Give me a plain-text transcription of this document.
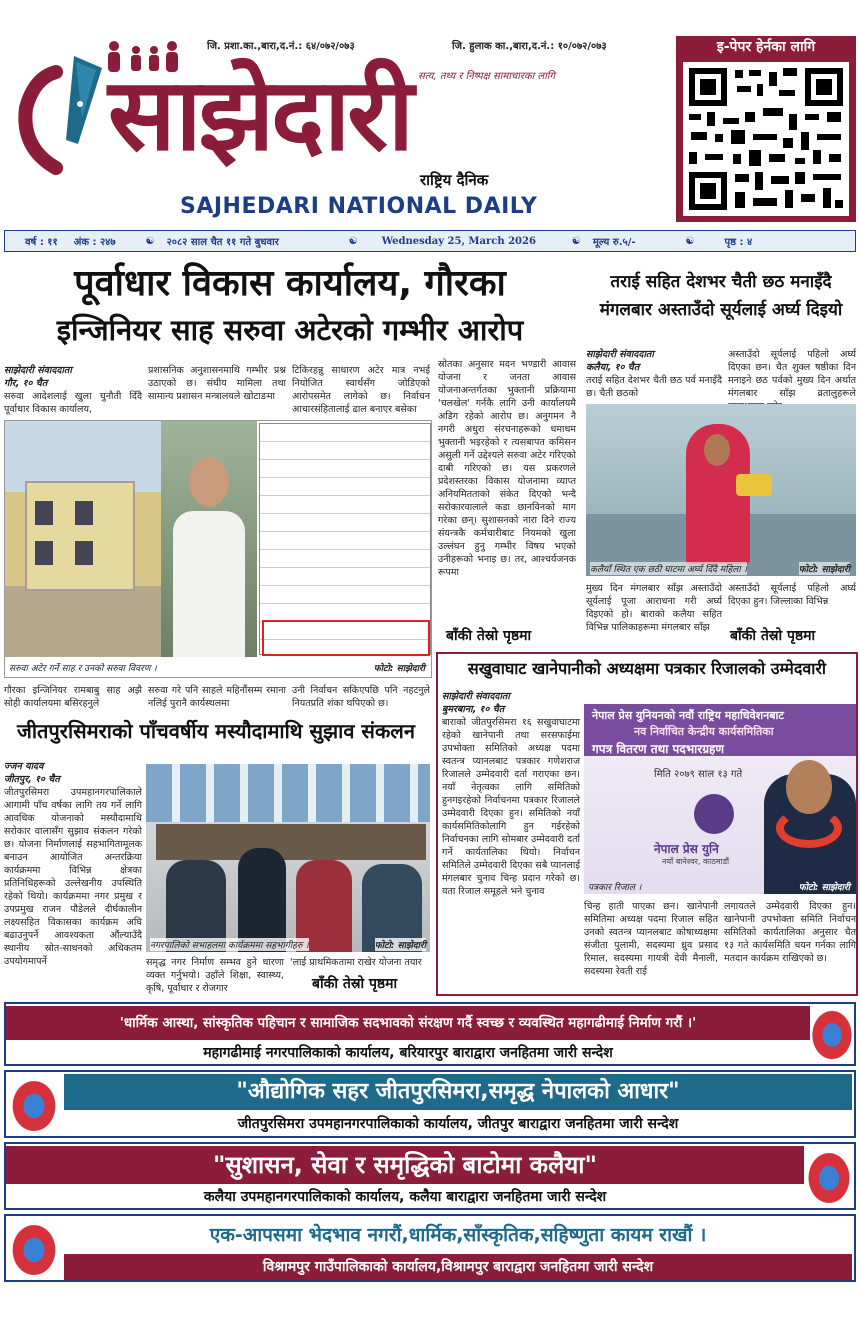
जि. प्रशा.का.,बारा,द.नं.: ६४/०७२/०७३	जि. हुलाक का.,बारा,द.नं.: १०/०७२/०७३
सत्य, तथ्य र निष्पक्ष सामाचारका लागि
साझेदारी
राष्ट्रिय दैनिक
SAJHEDARI NATIONAL DAILY
इ-पेपर हेर्नका लागि
वर्ष : ११ अंक : २४७	☯ २०८२ साल चैत ११ गते बुधवार	☯ Wednesday 25, March 2026	☯ मूल्य रु.५/-	☯	पृष्ठ : ४
पूर्वाधार विकास कार्यालय, गौरका
इन्जिनियर साह सरुवा अटेरको गम्भीर आरोप
साझेदारी संवाददाता
गौर, १० चैत
सरुवा आदेशलाई खुला चुनौती दिँदै पूर्वाधार विकास कार्यालय,
प्रशासनिक अनुशासनमाथि गम्भीर प्रश्न उठाएको छ। संघीय मामिला तथा सामान्य प्रशासन मन्त्रालयले खोटाङमा
टिकिरहन्नु साधारण अटेर मात्र नभई नियोजित स्वार्थसँग जोडिएको आरोपसमेत लागेको छ। निर्वाचन आचारसंहितालाई ढाल बनाएर बसेका
स्रोतका अनुसार मदन भण्डारी आवास योजना र जनता आवास योजनाअन्तर्गतका भुक्तानी प्रक्रियामा 'चलखेल' गर्नकै लागि उनी कार्यालयमै अडिग रहेको आरोप छ। अनुगमन नै नगरी अधुरा संरचनाहरूको धमाधम भुक्तानी भइरहेको र त्यसबापत कमिसन असुली गर्ने उद्देश्यले सरुवा अटेर गरिएको दाबी गरिएको छ। यस प्रकरणले प्रदेशस्तरका विकास योजनामा व्याप्त अनियमितताको संकेत दिएको भन्दै सरोकारवालाले कडा छानविनको माग गरेका छन्। सुशासनको नारा दिने राज्य संयन्त्रकै कर्मचारीबाट नियमको खुला उल्लंघन हुनु गम्भीर विषय भएको उनीहरूको भनाइ छ। तर, आश्चर्यजनक रूपमा
सरुवा अटेर गर्ने साह र उनको सरुवा विवरण ।	फोटो: साझेदारी
गौरका इन्जिनियर रामबाबु साह अझै सोही कार्यालयमा बसिरहनुले
सरुवा गरे पनि साहले महिनौंसम्म रमाना नलिई पुरानै कार्यस्थलमा
उनी निर्वाचन सकिएपछि पनि नहटनुले नियतप्रति शंका थपिएको छ।
बाँकी तेस्रो पृष्ठमा
तराई सहित देशभर चैती छठ मनाइँदै
मंगलबार अस्ताउँदो सूर्यलाई अर्घ्य दिइयो
साझेदारी संवाददाता
कलैया, १० चैत
तराई सहित देशभर चैती छठ पर्व मनाइँदै छ। चैती छठको
अस्ताउँदो सूर्यलाई पहिलो अर्घ्य दिएका छन। चैत शुक्ल षष्ठीका दिन मनाइने छठ पर्वको मुख्य दिन अर्थात मंगलबार साँझ व्रतालुहरूले
कलैयाँ स्थित एक छठी घाटमा अर्घ्य दिँदै महिला ।	फोटो: साझेदारी
मुख्य दिन मंगलबार साँझ अस्ताउँदो सूर्यलाई पूजा आराधना गरी अर्घ्य दिइएको हो। बाराको कलैया सहित विभिन्न पालिकाहरूमा मंगलबार साँझ
अस्ताउँदो सूर्यलाई पहिलो अर्घ्य दिएका हुन। जिल्लाका विभिन्न
बाँकी तेस्रो पृष्ठमा
सखुवाघाट खानेपानीको अध्यक्षमा पत्रकार रिजालको उम्मेदवारी
साझेदारी संवाददाता
बुमरबाना, १० चैत
बाराको जीतपुरसिमरा १६ सखुवाघाटमा रहेको खानेपानी तथा सरसफाईमा उपभोक्ता समितिको अध्यक्ष पदमा स्वतन्त्र प्यानलबाट पत्रकार गणेशराज रिजालले उम्मेदवारी दर्ता गराएका छन। नयाँ नेतृत्वका लागि समितिको हुनगइरहेको निर्वाचनमा पत्रकार रिजालले उम्मेदवारी दिएका हुन। समितिको नयाँ कार्यसमितिकोलागि हुन गईरहेको निर्वाचनका लागि सोमबार उम्मेदवारी दर्ता गर्ने कार्यतालिका थियो। निर्वाचन समितिले उम्मेदवारी दिएका सबै प्यानलाई मंगलबार चुनाव चिन्ह प्रदान गरेको छ। यता रिजाल समूहले भने चुनाव
नेपाल प्रेस युनियनको नवौं राष्ट्रिय महाधिवेशनबाट
नव निर्वाचित केन्द्रीय कार्यसमितिका
गपत्र वितरण तथा पदभारग्रहण
मिति २०७९ साल १३ गते
नेपाल प्रेस युनि
नयाँ बानेश्वर, काठमाडौं
पत्रकार रिजाल ।	फोटो: साझेदारी
चिन्ह हाती पाएका छन। खानेपानी समितिमा अध्यक्ष पदमा रिजाल सहित उनको स्वतन्त्र प्यानलबाट कोषाध्यक्षमा संजीता पुलामी, सदस्यमा ध्रुव प्रसाद रिमाल, सदस्यमा गायत्री देवी मैनाली, सदस्यमा रेवती राई
लगायतले उम्मेदवारी दिएका हुन। खानेपानी उपभोक्ता समिति निर्वाचन समितिको कार्यतालिका अनुसार चैत १३ गते कार्यसमिति चयन गर्नका लागि मतदान कार्यक्रम राखिएको छ।
जीतपुरसिमराको पाँचवर्षीय मस्यौदामाथि सुझाव संकलन
ज्जन यादव
जीतपुर, १० चैत
जीतपुरसिमरा उपमहानगरपालिकाले आगामी पाँच वर्षका लागि तय गर्ने लागि आवधिक योजनाको मस्यौदामाथि सरोकार वालासँग सुझाव संकलन गरेको छ। योजना निर्माणलाई सहभागितामूलक बनाउन आयोजित अन्तरक्रिया कार्यक्रममा विभिन्न क्षेत्रका प्रतिनिधिहरूको उल्लेखनीय उपस्थिति रहेको थियो। कार्यक्रममा नगर प्रमुख र उपप्रमुख राजन पौडेलले दीर्घकालीन लक्ष्यसहित विकासका कार्यक्रम अघि बढाउनुपर्ने आवश्यकता औंल्याउँदै स्थानीय स्रोत-साधनको अधिकतम उपयोगमापर्ने
नगरपालिको सभाहलमा कार्यक्रममा सहभागीहरु ।	फोटो: साझेदारी
समृद्ध नगर निर्माण सम्भव हुने धारणा व्यक्त गर्नुभयो। उहाँले शिक्षा, स्वास्थ्य, कृषि, पूर्वाधार र रोजगार
'लाई प्राथमिकतामा राखेर योजना तयार
बाँकी तेस्रो पृष्ठमा
'धार्मिक आस्था, सांस्कृतिक पहिचान र सामाजिक सदभावको संरक्षण गर्दै स्वच्छ र व्यवस्थित महागढीमाई निर्माण गरौं ।'
महागढीमाई नगरपालिकाको कार्यालय, बरियारपुर बाराद्वारा जनहितमा जारी सन्देश
"औद्योगिक सहर जीतपुरसिमरा,समृद्ध नेपालको आधार"
जीतपुरसिमरा उपमहानगरपालिकाको कार्यालय, जीतपुर बाराद्वारा जनहितमा जारी सन्देश
"सुशासन, सेवा र समृद्धिको बाटोमा कलैया"
कलैया उपमहानगरपालिकाको कार्यालय, कलैया बाराद्वारा जनहितमा जारी सन्देश
एक-आपसमा भेदभाव नगरौं,धार्मिक,साँस्कृतिक,सहिष्णुता कायम राखौं ।
विश्रामपुर गाउँपालिकाको कार्यालय,विश्रामपुर बाराद्वारा जनहितमा जारी सन्देश
